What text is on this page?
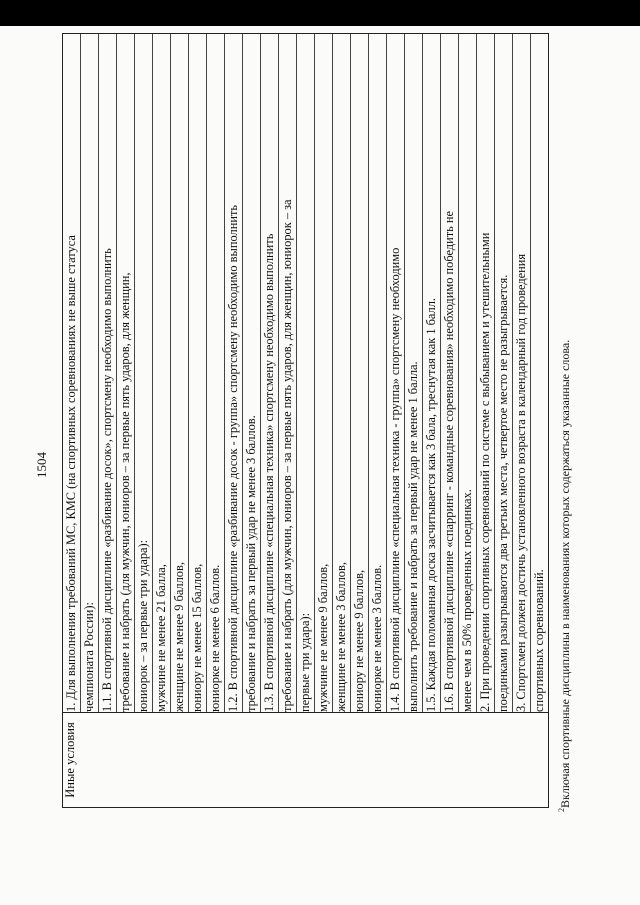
1504
Иные условия	
1. Для выполнения требований МС, КМС (на спортивных соревнованиях не выше статуса чемпионата России): 1.1. В спортивной дисциплине «разбивание досок», спортсмену необходимо выполнить требование и набрать (для мужчин, юниоров – за первые пять ударов, для женщин, юниорок – за первые три удара): мужчине не менее 21 балла, женщине не менее 9 баллов, юниору не менее 15 баллов, юниорке не менее 6 баллов. 1.2. В спортивной дисциплине «разбивание досок - группа» спортсмену необходимо выполнить требование и набрать за первый удар не менее 3 баллов. 1.3. В спортивной дисциплине «специальная техника» спортсмену необходимо выполнить требование и набрать (для мужчин, юниоров – за первые пять ударов, для женщин, юниорок – за первые три удара): мужчине не менее 9 баллов, женщине не менее 3 баллов, юниору не менее 9 баллов, юниорке не менее 3 баллов. 1.4. В спортивной дисциплине «специальная техника - группа» спортсмену необходимо выполнить требование и набрать за первый удар не менее 1 балла. 1.5. Каждая поломанная доска засчитывается как 3 бала, треснутая как 1 балл. 1.6. В спортивной дисциплине «спарринг - командные соревнования» необходимо победить не менее чем в 50% проведенных поединках. 2. При проведении спортивных соревнований по системе с выбыванием и утешительными поединками разыгрываются два третьих места, четвертое место не разыгрывается. 3. Спортсмен должен достичь установленного возраста в календарный год проведения спортивных соревнований.
$^2$Включая спортивные дисциплины в наименованиях которых содержаться указанные слова.
